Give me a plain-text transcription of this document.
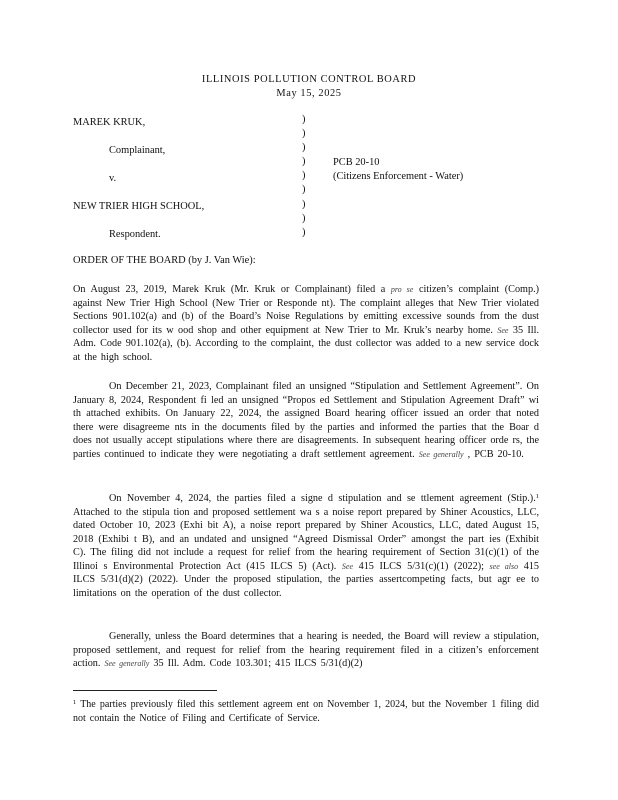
ILLINOIS POLLUTION CONTROL BOARD
May 15, 2025
MAREK KRUK,
Complainant,
v.
NEW TRIER HIGH SCHOOL,
Respondent.
)
)
)
)
)
)
)
)
)
PCB 20-10
(Citizens Enforcement - Water)
ORDER OF THE BOARD (by J. Van Wie):
On August 23, 2019, Marek Kruk (Mr. Kruk or Complainant) filed a pro se citizen’s complaint (Comp.) against New Trier High School (New Trier or Responde nt). The complaint alleges that New Trier violated Sections 901.102(a) and (b) of the Board’s Noise Regulations by emitting excessive sounds from the dust collector used for its w ood shop and other equipment at New Trier to Mr. Kruk’s nearby home. See 35 Ill. Adm. Code 901.102(a), (b). According to the complaint, the dust collector was added to a new service dock at the high school.
On December 21, 2023, Complainant filed an unsigned “Stipulation and Settlement Agreement”. On January 8, 2024, Respondent fi led an unsigned “Propos ed Settlement and Stipulation Agreement Draft” wi th attached exhibits. On January 22, 2024, the assigned Board hearing officer issued an order that noted there were disagreeme nts in the documents filed by the parties and informed the parties that the Boar d does not usually accept stipulations where there are disagreements. In subsequent hearing officer orde rs, the parties continued to indicate they were negotiating a draft settlement agreement. See generally , PCB 20-10.
On November 4, 2024, the parties filed a signe d stipulation and se ttlement agreement (Stip.).$^1$ Attached to the stipula tion and proposed settlement wa s a noise report prepared by Shiner Acoustics, LLC, dated October 10, 2023 (Exhi bit A), a noise report prepared by Shiner Acoustics, LLC, dated August 15, 2018 (Exhibi t B), and an undated and unsigned “Agreed Dismissal Order” amongst the part ies (Exhibit C). The filing did not include a request for relief from the hearing requirement of Section 31(c)(1) of the Illinoi s Environmental Protection Act (415 ILCS 5) (Act). See 415 ILCS 5/31(c)(1) (2022); see also 415 ILCS 5/31(d)(2) (2022). Under the proposed stipulation, the parties assertcompeting facts, but agr ee to limitations on the operation of the dust collector.
Generally, unless the Board determines that a hearing is needed, the Board will review a stipulation, proposed settlement, and request for relief from the hearing requirement filed in a citizen’s enforcement action. See generally 35 Ill. Adm. Code 103.301; 415 ILCS 5/31(d)(2)
$^1$ The parties previously filed this settlement agreem ent on November 1, 2024, but the November 1 filing did not contain the Notice of Filing and Certificate of Service.
